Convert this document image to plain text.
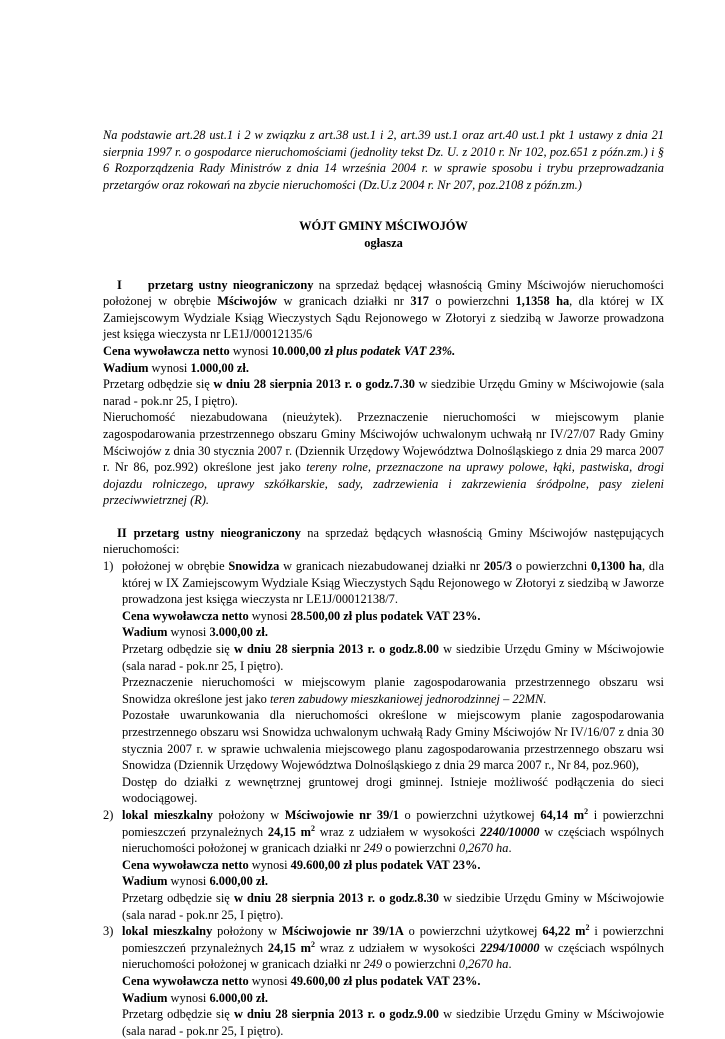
Na podstawie art.28 ust.1 i 2 w związku z art.38 ust.1 i 2, art.39 ust.1 oraz art.40 ust.1 pkt 1 ustawy z dnia 21 sierpnia 1997 r. o gospodarce nieruchomościami (jednolity tekst Dz. U. z 2010 r. Nr 102, poz.651 z późn.zm.) i § 6 Rozporządzenia Rady Ministrów z dnia 14 września 2004 r. w sprawie sposobu i trybu przeprowadzania przetargów oraz rokowań na zbycie nieruchomości (Dz.U.z 2004 r. Nr 207, poz.2108 z późn.zm.)

WÓJT GMINY MŚCIWOJÓW

ogłasza

I przetarg ustny nieograniczony na sprzedaż będącej własnością Gminy Mściwojów nieruchomości położonej w obrębie Mściwojów w granicach działki nr 317 o powierzchni 1,1358 ha, dla której w IX Zamiejscowym Wydziale Ksiąg Wieczystych Sądu Rejonowego w Złotoryi z siedzibą w Jaworze prowadzona jest księga wieczysta nr LE1J/00012135/6

Cena wywoławcza netto wynosi 10.000,00 zł plus podatek VAT 23%.

Wadium wynosi 1.000,00 zł.

Przetarg odbędzie się w dniu 28 sierpnia 2013 r. o godz.7.30 w siedzibie Urzędu Gminy w Mściwojowie (sala narad - pok.nr 25, I piętro).

Nieruchomość niezabudowana (nieużytek). Przeznaczenie nieruchomości w miejscowym planie zagospodarowania przestrzennego obszaru Gminy Mściwojów uchwalonym uchwałą nr IV/27/07 Rady Gminy Mściwojów z dnia 30 stycznia 2007 r. (Dziennik Urzędowy Województwa Dolnośląskiego z dnia 29 marca 2007 r. Nr 86, poz.992) określone jest jako tereny rolne, przeznaczone na uprawy polowe, łąki, pastwiska, drogi dojazdu rolniczego, uprawy szkółkarskie, sady, zadrzewienia i zakrzewienia śródpolne, pasy zieleni przeciwwietrznej (R).

II przetarg ustny nieograniczony na sprzedaż będących własnością Gminy Mściwojów następujących nieruchomości:

1) położonej w obrębie Snowidza w granicach niezabudowanej działki nr 205/3 o powierzchni 0,1300 ha, dla której w IX Zamiejscowym Wydziale Ksiąg Wieczystych Sądu Rejonowego w Złotoryi z siedzibą w Jaworze prowadzona jest księga wieczysta nr LE1J/00012138/7.

Cena wywoławcza netto wynosi 28.500,00 zł plus podatek VAT 23%.

Wadium wynosi 3.000,00 zł.

Przetarg odbędzie się w dniu 28 sierpnia 2013 r. o godz.8.00 w siedzibie Urzędu Gminy w Mściwojowie (sala narad - pok.nr 25, I piętro).

Przeznaczenie nieruchomości w miejscowym planie zagospodarowania przestrzennego obszaru wsi Snowidza określone jest jako teren zabudowy mieszkaniowej jednorodzinnej – 22MN.

Pozostałe uwarunkowania dla nieruchomości określone w miejscowym planie zagospodarowania przestrzennego obszaru wsi Snowidza uchwalonym uchwałą Rady Gminy Mściwojów Nr IV/16/07 z dnia 30 stycznia 2007 r. w sprawie uchwalenia miejscowego planu zagospodarowania przestrzennego obszaru wsi Snowidza (Dziennik Urzędowy Województwa Dolnośląskiego z dnia 29 marca 2007 r., Nr 84, poz.960),

Dostęp do działki z wewnętrznej gruntowej drogi gminnej. Istnieje możliwość podłączenia do sieci wodociągowej.

2) lokal mieszkalny położony w Mściwojowie nr 39/1 o powierzchni użytkowej 64,14 $m^2$ i powierzchni pomieszczeń przynależnych 24,15 $m^2$ wraz z udziałem w wysokości 2240/10000 w częściach wspólnych nieruchomości położonej w granicach działki nr 249 o powierzchni 0,2670 ha.

Cena wywoławcza netto wynosi 49.600,00 zł plus podatek VAT 23%.

Wadium wynosi 6.000,00 zł.

Przetarg odbędzie się w dniu 28 sierpnia 2013 r. o godz.8.30 w siedzibie Urzędu Gminy w Mściwojowie (sala narad - pok.nr 25, I piętro).

3) lokal mieszkalny położony w Mściwojowie nr 39/1A o powierzchni użytkowej 64,22 $m^2$ i powierzchni pomieszczeń przynależnych 24,15 $m^2$ wraz z udziałem w wysokości 2294/10000 w częściach wspólnych nieruchomości położonej w granicach działki nr 249 o powierzchni 0,2670 ha.

Cena wywoławcza netto wynosi 49.600,00 zł plus podatek VAT 23%.

Wadium wynosi 6.000,00 zł.

Przetarg odbędzie się w dniu 28 sierpnia 2013 r. o godz.9.00 w siedzibie Urzędu Gminy w Mściwojowie (sala narad - pok.nr 25, I piętro).
